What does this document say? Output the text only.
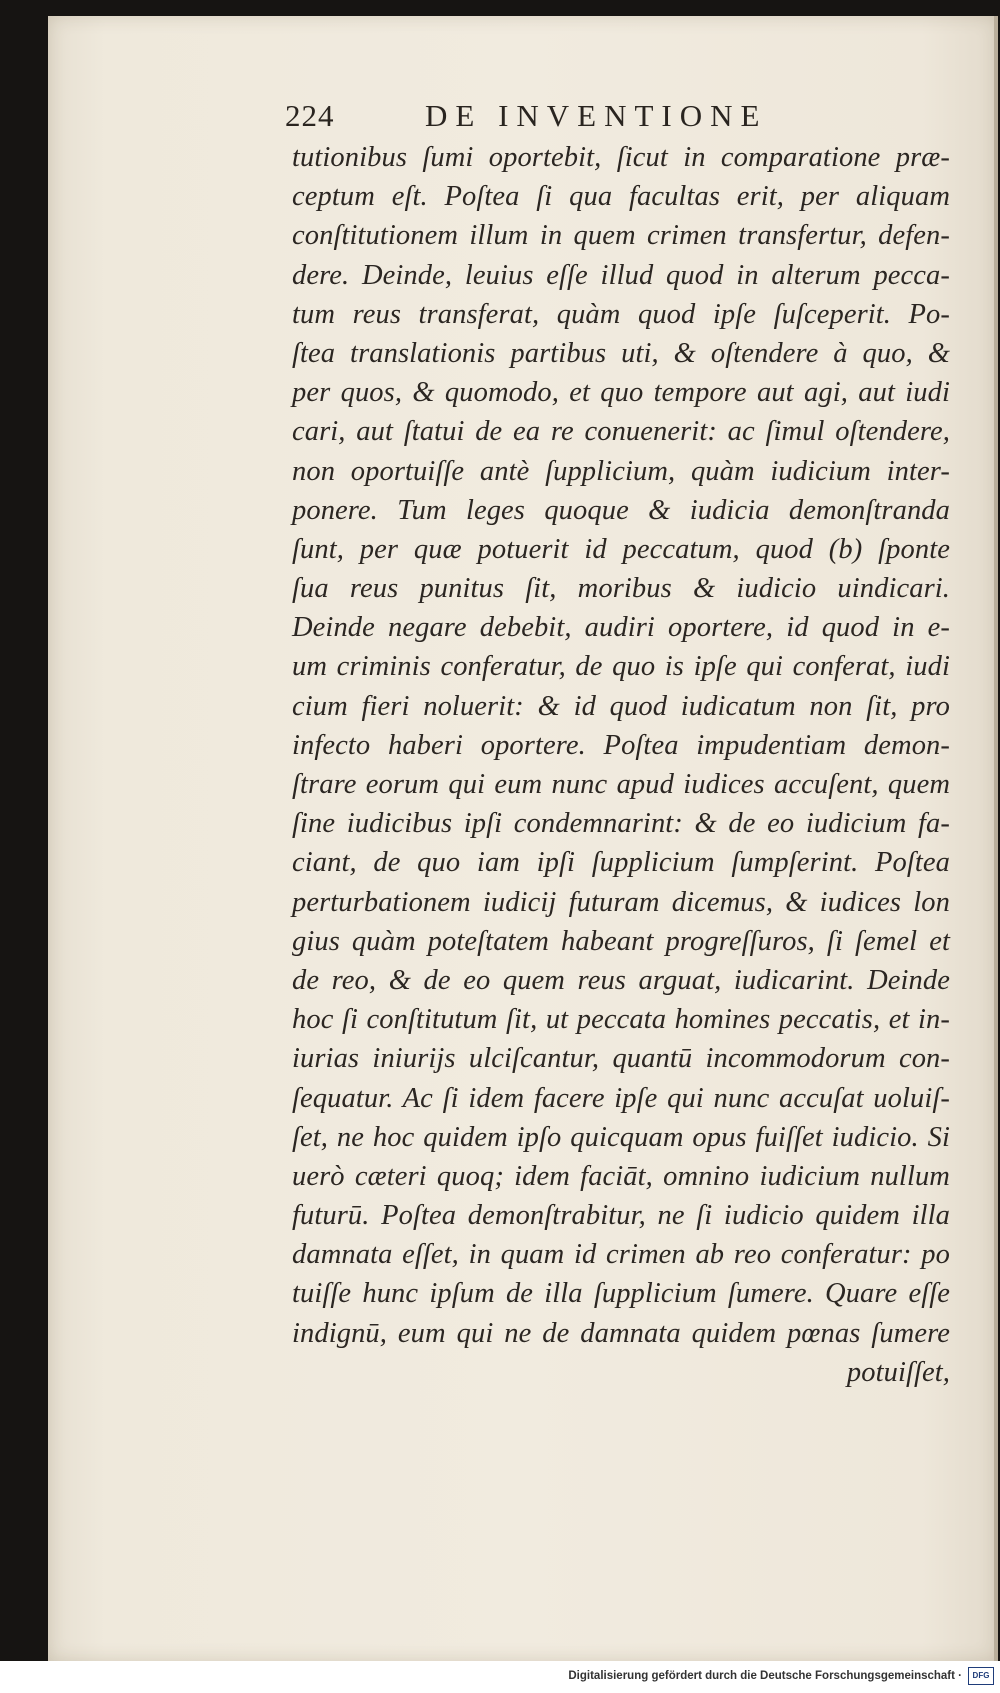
224	DE INVENTIONE
tutionibus ſumi oportebit, ſicut in comparatione præ-
ceptum eſt. Poſtea ſi qua facultas erit, per aliquam
conſtitutionem illum in quem crimen transfertur, defen-
dere. Deinde, leuius eſſe illud quod in alterum pecca-
tum reus transferat, quàm quod ipſe ſuſceperit. Po-
ſtea translationis partibus uti, & oſtendere à quo, &
per quos, & quomodo, et quo tempore aut agi, aut iudi
cari, aut ſtatui de ea re conuenerit: ac ſimul oſtendere,
non oportuiſſe antè ſupplicium, quàm iudicium inter-
ponere. Tum leges quoque & iudicia demonſtranda
ſunt, per quæ potuerit id peccatum, quod (b) ſponte
ſua reus punitus ſit, moribus & iudicio uindicari.
Deinde negare debebit, audiri oportere, id quod in e-
um criminis conferatur, de quo is ipſe qui conferat, iudi
cium fieri noluerit: & id quod iudicatum non ſit, pro
infecto haberi oportere. Poſtea impudentiam demon-
ſtrare eorum qui eum nunc apud iudices accuſent, quem
ſine iudicibus ipſi condemnarint: & de eo iudicium fa-
ciant, de quo iam ipſi ſupplicium ſumpſerint. Poſtea
perturbationem iudicij futuram dicemus, & iudices lon
gius quàm poteſtatem habeant progreſſuros, ſi ſemel et
de reo, & de eo quem reus arguat, iudicarint. Deinde
hoc ſi conſtitutum ſit, ut peccata homines peccatis, et in-
iurias iniurijs ulciſcantur, quantū incommodorum con-
ſequatur. Ac ſi idem facere ipſe qui nunc accuſat uoluiſ-
ſet, ne hoc quidem ipſo quicquam opus fuiſſet iudicio. Si
uerò cæteri quoq; idem faciāt, omnino iudicium nullum
futurū. Poſtea demonſtrabitur, ne ſi iudicio quidem illa
damnata eſſet, in quam id crimen ab reo conferatur: po
tuiſſe hunc ipſum de illa ſupplicium ſumere. Quare eſſe
indignū, eum qui ne de damnata quidem pœnas ſumere
potuiſſet,
Digitalisierung gefördert durch die Deutsche Forschungsgemeinschaft ·	DFG
